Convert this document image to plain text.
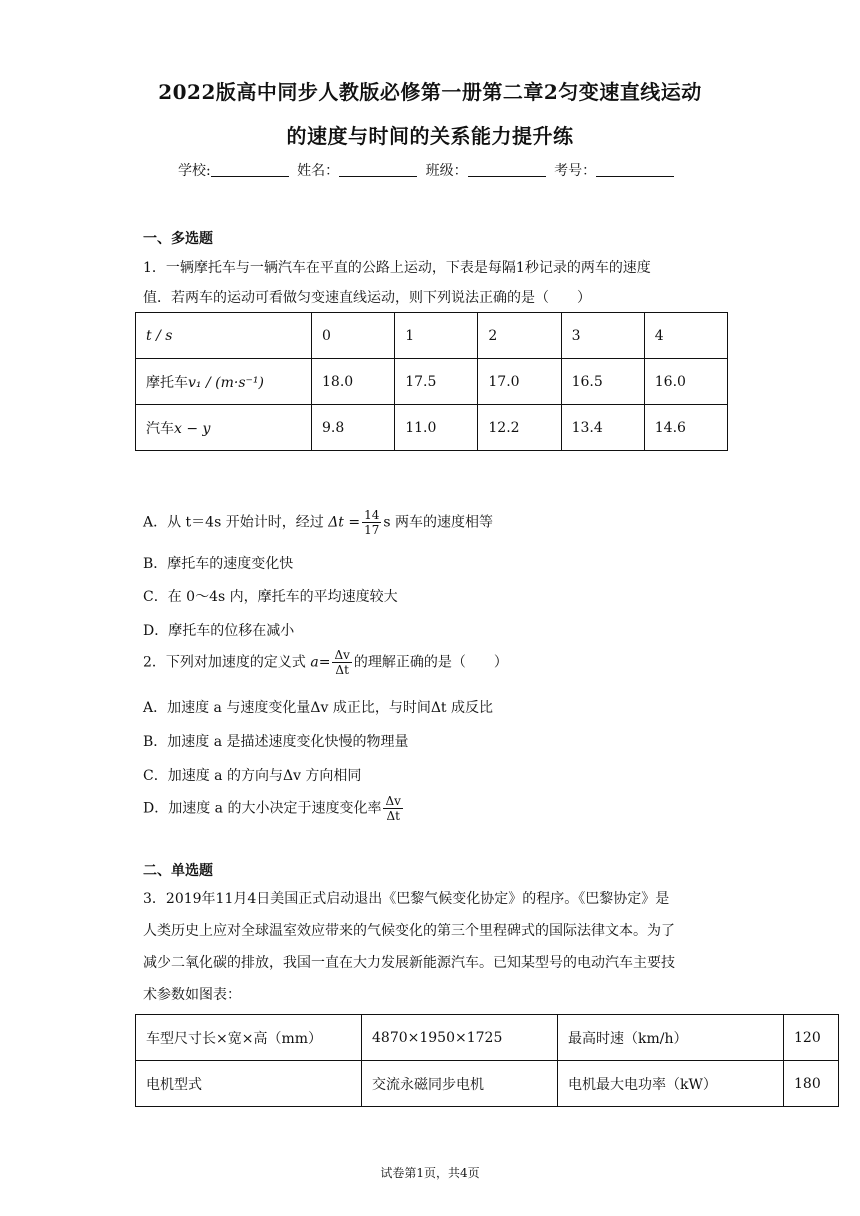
2022版高中同步人教版必修第一册第二章2匀变速直线运动
的速度与时间的关系能力提升练
学校:	姓名：	班级：	考号：
一、多选题
1．一辆摩托车与一辆汽车在平直的公路上运动，下表是每隔1秒记录的两车的速度
值．若两车的运动可看做匀变速直线运动，则下列说法正确的是（　　）
t / s	0	1	2	3	4
摩托车v₁ / (m·s⁻¹)	18.0	17.5	17.0	16.5	16.0
汽车x − y	9.8	11.0	12.2	13.4	14.6
A．从 t＝4s 开始计时，经过 $\Delta t = \frac{14}{17}$ s 两车的速度相等
B．摩托车的速度变化快
C．在 0～4s 内，摩托车的平均速度较大
D．摩托车的位移在减小
2．下列对加速度的定义式 $a= \frac{\Delta v}{\Delta t}$ 的理解正确的是（　　）
A．加速度 a 与速度变化量Δv 成正比，与时间Δt 成反比
B．加速度 a 是描述速度变化快慢的物理量
C．加速度 a 的方向与Δv 方向相同
D．加速度 a 的大小决定于速度变化率 $\frac{\Delta v}{\Delta t}$
二、单选题
3．2019年11月4日美国正式启动退出《巴黎气候变化协定》的程序。《巴黎协定》是
人类历史上应对全球温室效应带来的气候变化的第三个里程碑式的国际法律文本。为了
减少二氧化碳的排放，我国一直在大力发展新能源汽车。已知某型号的电动汽车主要技
术参数如图表：
车型尺寸长×宽×高（mm）	4870×1950×1725	最高时速（km/h）	120
电机型式	交流永磁同步电机	电机最大电功率（kW）	180
试卷第1页，共4页
